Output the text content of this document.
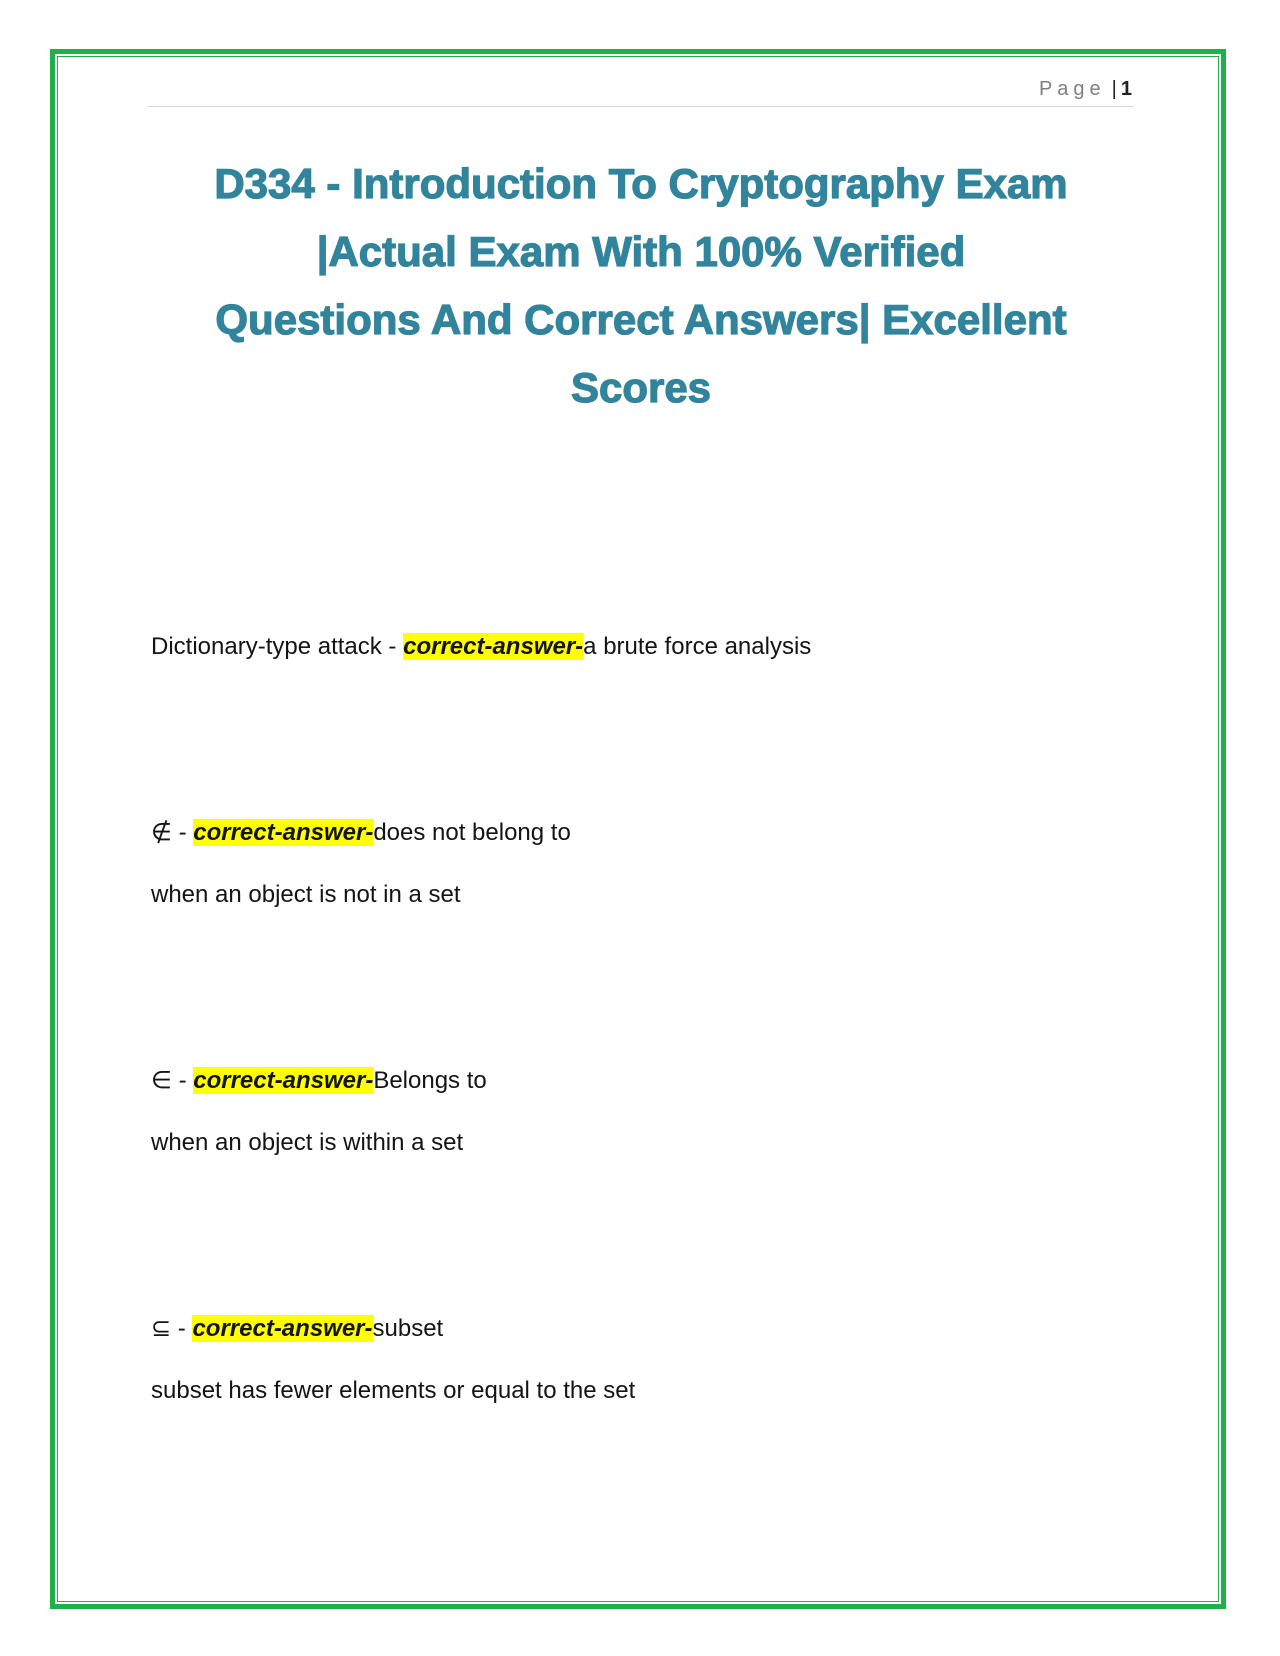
Page | 1
D334 - Introduction To Cryptography Exam
|Actual Exam With 100% Verified
Questions And Correct Answers| Excellent
Scores

Dictionary-type attack - correct-answer-a brute force analysis

∉ - correct-answer-does not belong to

when an object is not in a set

∈ - correct-answer-Belongs to

when an object is within a set

⊆ - correct-answer-subset

subset has fewer elements or equal to the set
